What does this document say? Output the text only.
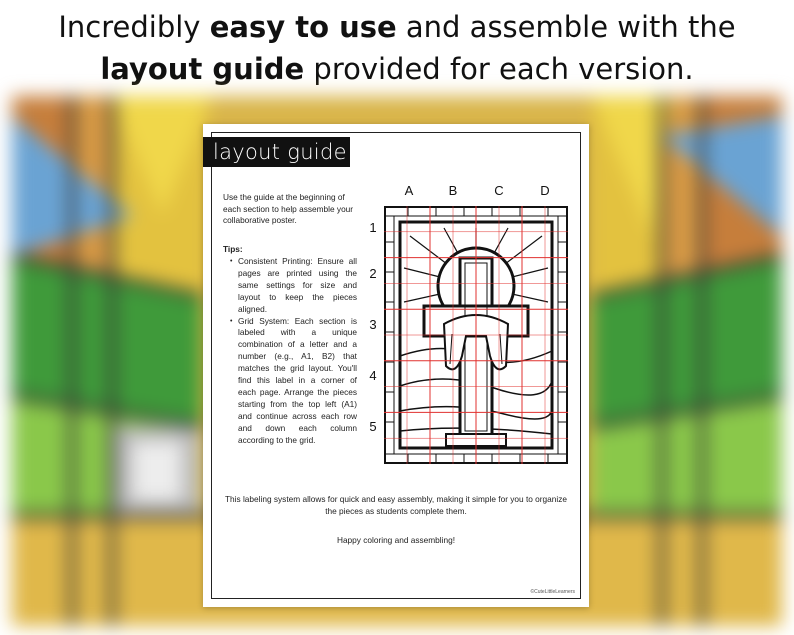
Incredibly easy to use and assemble with the
layout guide provided for each version.
layout guide
Use the guide at the beginning of each section to help assemble your collaborative poster.
Tips:
• Consistent Printing: Ensure all pages are printed using the same settings for size and layout to keep the pieces aligned.
• Grid System: Each section is labeled with a unique combination of a letter and a number (e.g., A1, B2) that matches the grid layout. You'll find this label in a corner of each page. Arrange the pieces starting from the top left (A1) and continue across each row and down each column according to the grid.
A	B	C	D
1
2
3
4
5
This labeling system allows for quick and easy assembly, making it simple for you to organize the pieces as students complete them.
Happy coloring and assembling!
©CuteLittleLearners
